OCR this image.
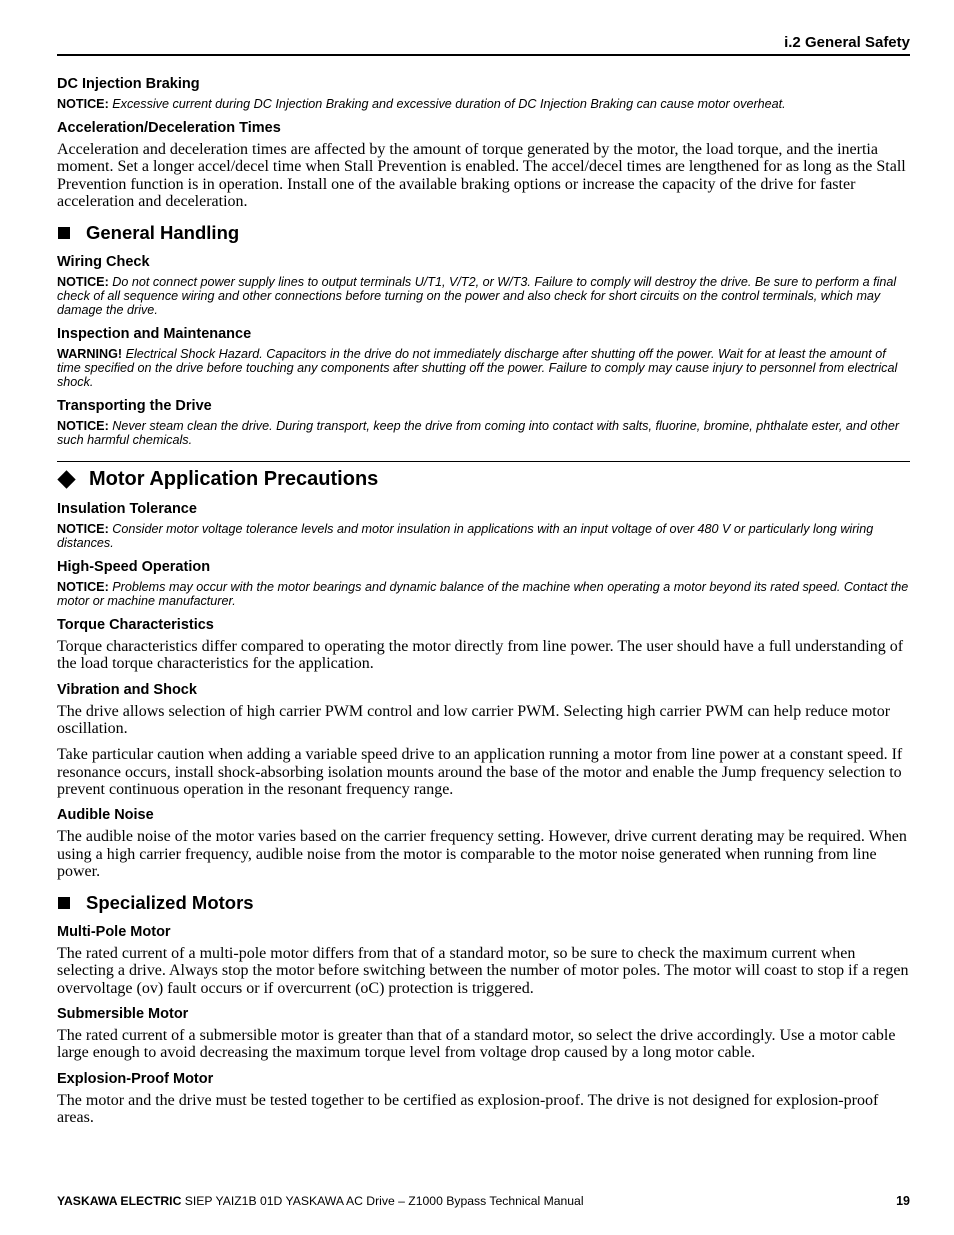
i.2 General Safety
DC Injection Braking

NOTICE: Excessive current during DC Injection Braking and excessive duration of DC Injection Braking can cause motor overheat.

Acceleration/Deceleration Times

Acceleration and deceleration times are affected by the amount of torque generated by the motor, the load torque, and the inertia moment. Set a longer accel/decel time when Stall Prevention is enabled. The accel/decel times are lengthened for as long as the Stall Prevention function is in operation. Install one of the available braking options or increase the capacity of the drive for faster acceleration and deceleration.

General Handling
Wiring Check

NOTICE: Do not connect power supply lines to output terminals U/T1, V/T2, or W/T3. Failure to comply will destroy the drive. Be sure to perform a final check of all sequence wiring and other connections before turning on the power and also check for short circuits on the control terminals, which may damage the drive.

Inspection and Maintenance

WARNING! Electrical Shock Hazard. Capacitors in the drive do not immediately discharge after shutting off the power. Wait for at least the amount of time specified on the drive before touching any components after shutting off the power. Failure to comply may cause injury to personnel from electrical shock.

Transporting the Drive

NOTICE: Never steam clean the drive. During transport, keep the drive from coming into contact with salts, fluorine, bromine, phthalate ester, and other such harmful chemicals.

Motor Application Precautions
Insulation Tolerance

NOTICE: Consider motor voltage tolerance levels and motor insulation in applications with an input voltage of over 480 V or particularly long wiring distances.

High-Speed Operation

NOTICE: Problems may occur with the motor bearings and dynamic balance of the machine when operating a motor beyond its rated speed. Contact the motor or machine manufacturer.

Torque Characteristics

Torque characteristics differ compared to operating the motor directly from line power. The user should have a full understanding of the load torque characteristics for the application.

Vibration and Shock

The drive allows selection of high carrier PWM control and low carrier PWM. Selecting high carrier PWM can help reduce motor oscillation.

Take particular caution when adding a variable speed drive to an application running a motor from line power at a constant speed. If resonance occurs, install shock-absorbing isolation mounts around the base of the motor and enable the Jump frequency selection to prevent continuous operation in the resonant frequency range.

Audible Noise

The audible noise of the motor varies based on the carrier frequency setting. However, drive current derating may be required. When using a high carrier frequency, audible noise from the motor is comparable to the motor noise generated when running from line power.

Specialized Motors
Multi-Pole Motor

The rated current of a multi-pole motor differs from that of a standard motor, so be sure to check the maximum current when selecting a drive. Always stop the motor before switching between the number of motor poles. The motor will coast to stop if a regen overvoltage (ov) fault occurs or if overcurrent (oC) protection is triggered.

Submersible Motor

The rated current of a submersible motor is greater than that of a standard motor, so select the drive accordingly. Use a motor cable large enough to avoid decreasing the maximum torque level from voltage drop caused by a long motor cable.

Explosion-Proof Motor

The motor and the drive must be tested together to be certified as explosion-proof. The drive is not designed for explosion-proof areas.

YASKAWA ELECTRIC SIEP YAIZ1B 01D YASKAWA AC Drive – Z1000 Bypass Technical Manual	19
